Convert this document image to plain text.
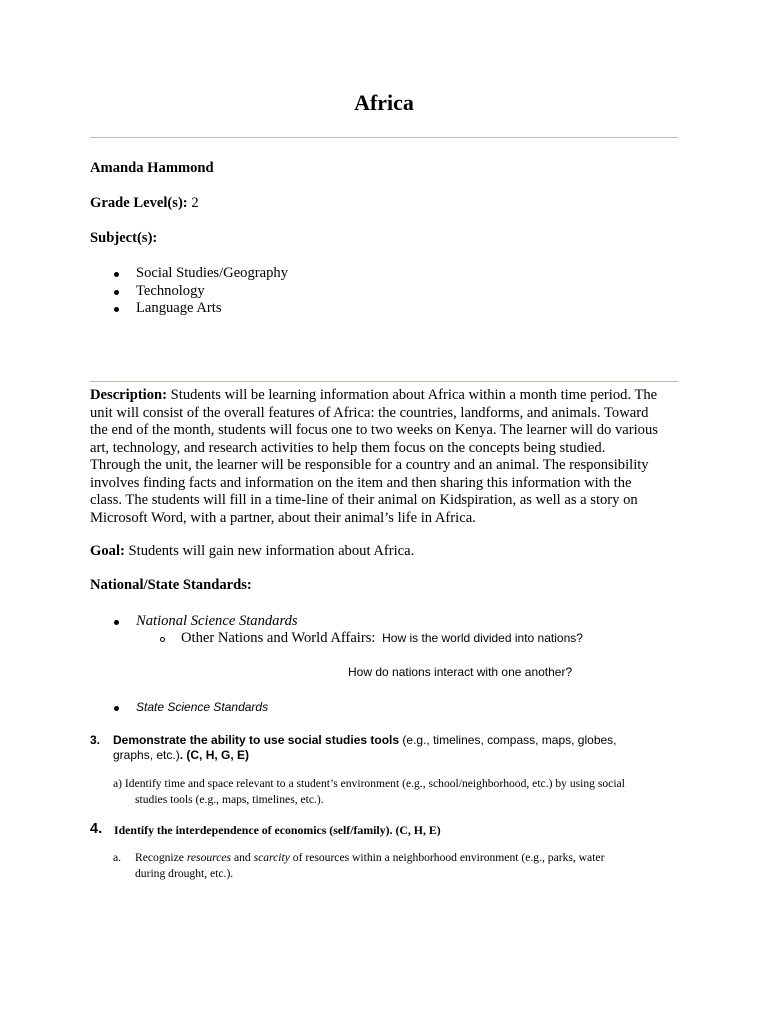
Africa
Amanda Hammond
Grade Level(s): 2
Subject(s):
Social Studies/Geography
Technology
Language Arts
Description: Students will be learning information about Africa within a month time period. The
unit will consist of the overall features of Africa: the countries, landforms, and animals. Toward
the end of the month, students will focus one to two weeks on Kenya. The learner will do various
art, technology, and research activities to help them focus on the concepts being studied.
Through the unit, the learner will be responsible for a country and an animal. The responsibility
involves finding facts and information on the item and then sharing this information with the
class. The students will fill in a time-line of their animal on Kidspiration, as well as a story on
Microsoft Word, with a partner, about their animal’s life in Africa.
Goal: Students will gain new information about Africa.
National/State Standards:
National Science Standards
Other Nations and World Affairs: How is the world divided into nations?
How do nations interact with one another?
State Science Standards
3. Demonstrate the ability to use social studies tools (e.g., timelines, compass, maps, globes,
graphs, etc.). (C, H, G, E)
a) Identify time and space relevant to a student’s environment (e.g., school/neighborhood, etc.) by using social
studies tools (e.g., maps, timelines, etc.).
4. Identify the interdependence of economics (self/family). (C, H, E)
a. Recognize resources and scarcity of resources within a neighborhood environment (e.g., parks, water
during drought, etc.).
